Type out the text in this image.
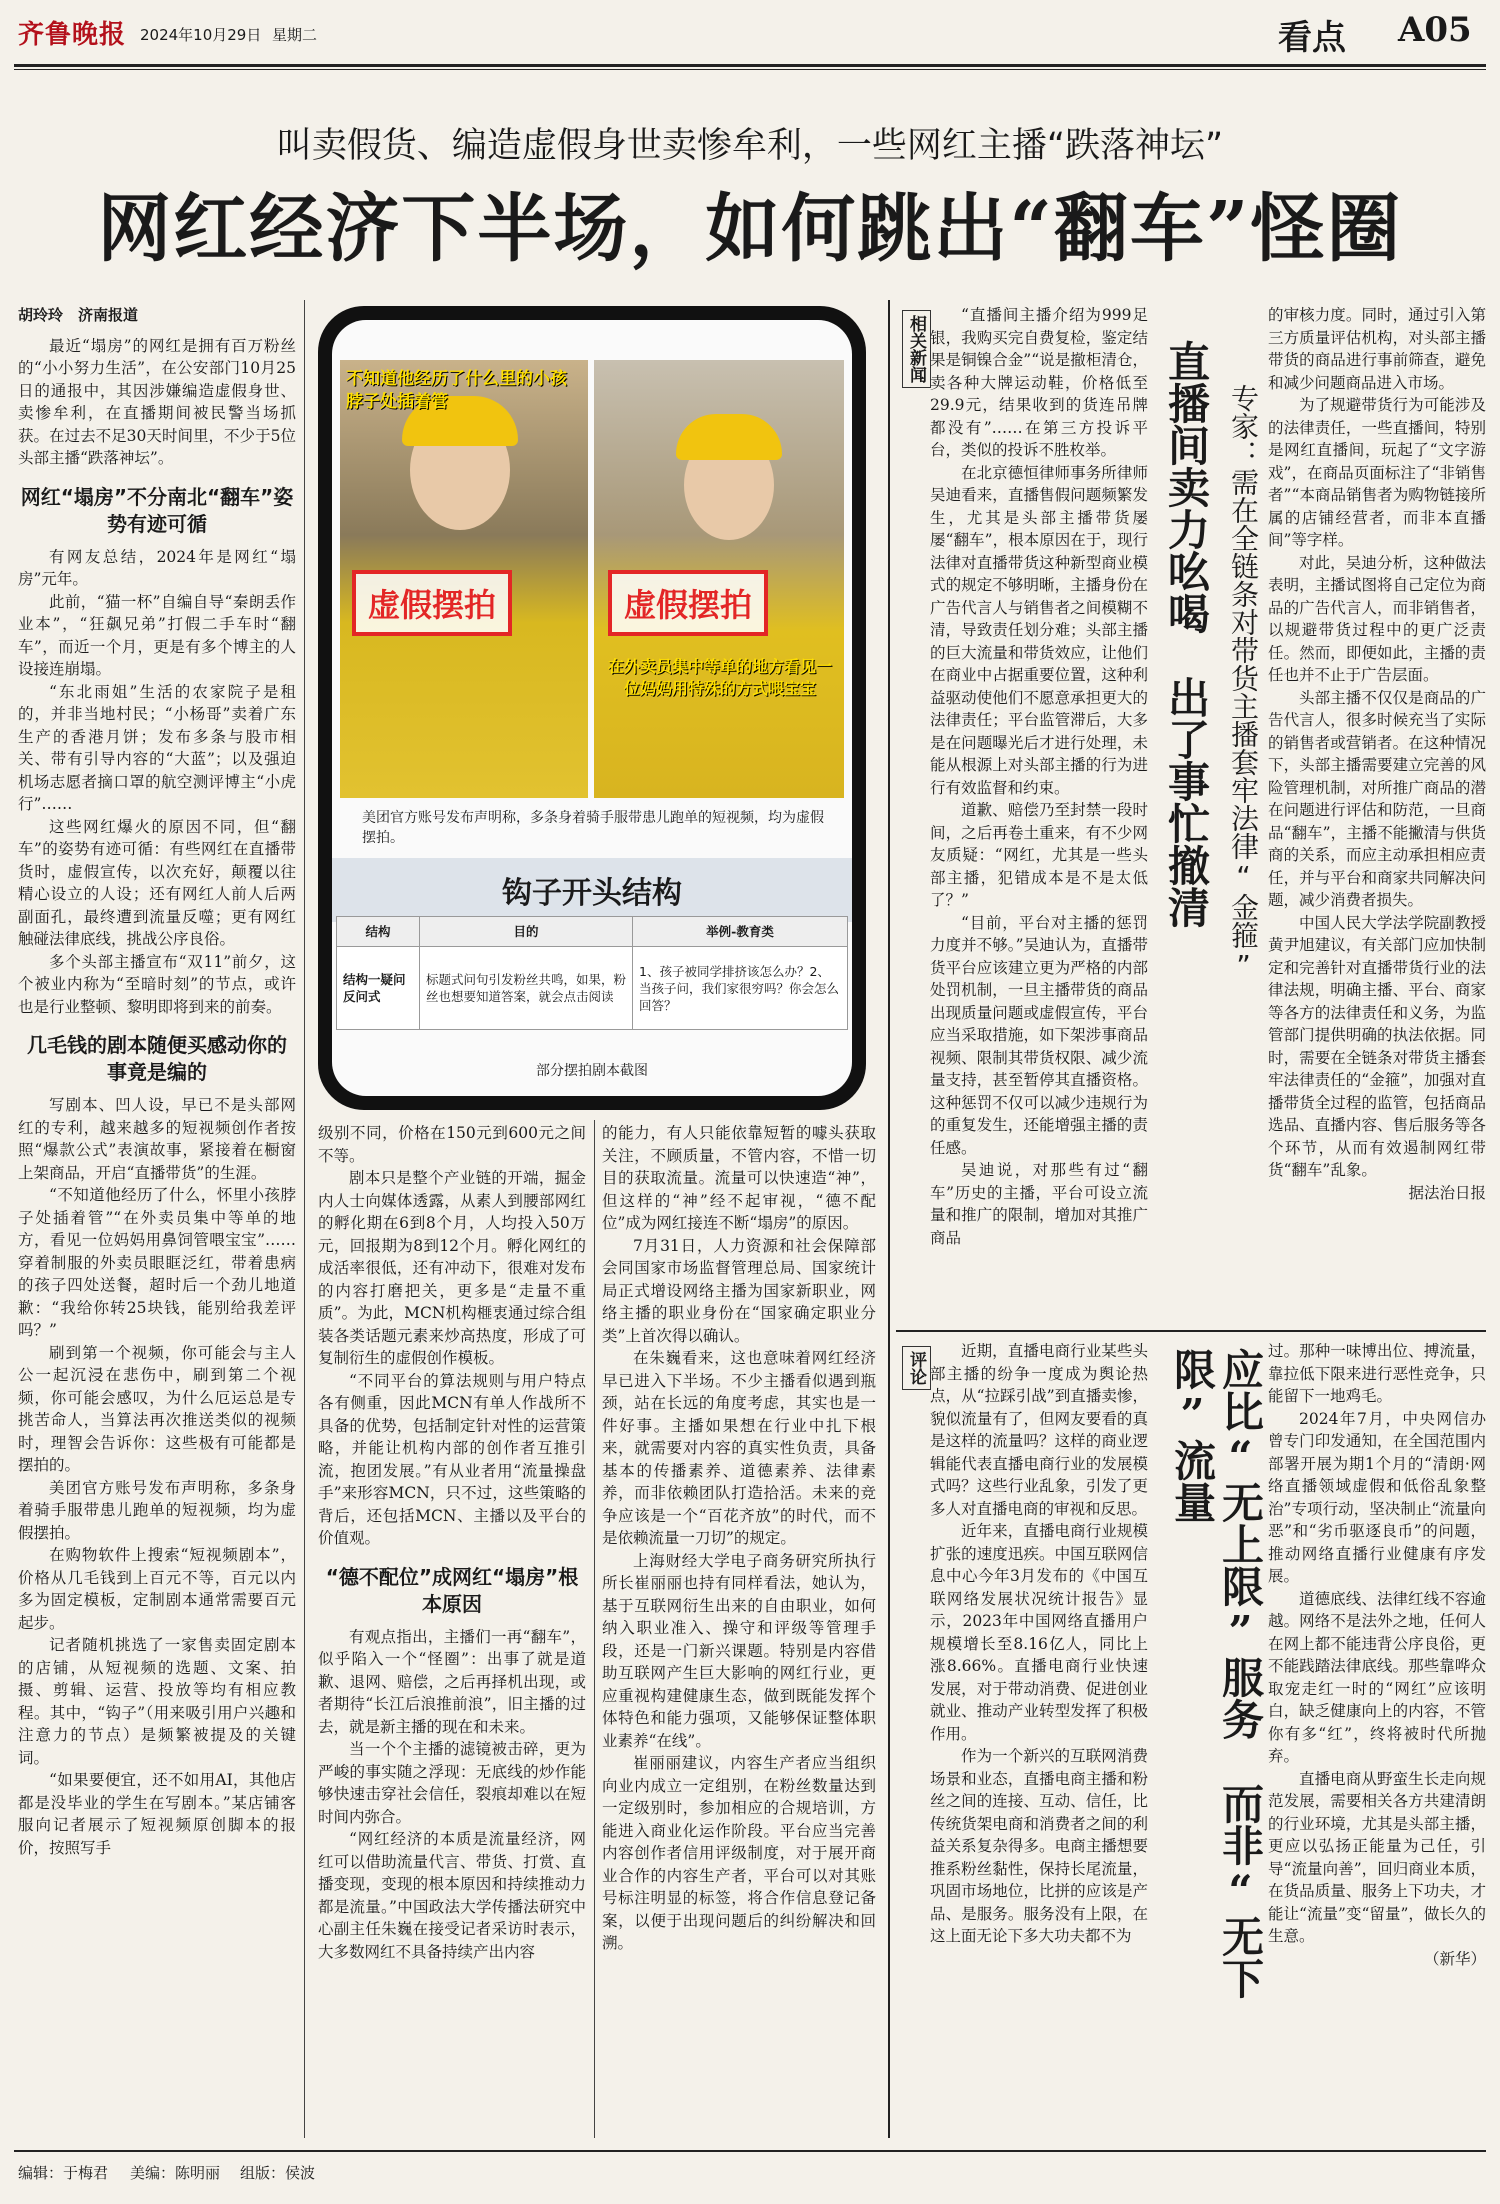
齐鲁晚报 2024年10月29日 星期二	看点 A05
叫卖假货、编造虚假身世卖惨牟利，一些网红主播“跌落神坛”
网红经济下半场，如何跳出“翻车”怪圈

胡玲玲　济南报道

最近“塌房”的网红是拥有百万粉丝的“小小努力生活”，在公安部门10月25日的通报中，其因涉嫌编造虚假身世、卖惨牟利，在直播期间被民警当场抓获。在过去不足30天时间里，不少于5位头部主播“跌落神坛”。

网红“塌房”不分南北“翻车”姿势有迹可循

有网友总结，2024年是网红“塌房”元年。

此前，“猫一杯”自编自导“秦朗丢作业本”，“狂飙兄弟”打假二手车时“翻车”，而近一个月，更是有多个博主的人设接连崩塌。

“东北雨姐”生活的农家院子是租的，并非当地村民；“小杨哥”卖着广东生产的香港月饼；发布多条与股市相关、带有引导内容的“大蓝”；以及强迫机场志愿者摘口罩的航空测评博主“小虎行”……

这些网红爆火的原因不同，但“翻车”的姿势有迹可循：有些网红在直播带货时，虚假宣传，以次充好，颠覆以往精心设立的人设；还有网红人前人后两副面孔，最终遭到流量反噬；更有网红触碰法律底线，挑战公序良俗。

多个头部主播宣布“双11”前夕，这个被业内称为“至暗时刻”的节点，或许也是行业整顿、黎明即将到来的前奏。

几毛钱的剧本随便买感动你的事竟是编的

写剧本、凹人设，早已不是头部网红的专利，越来越多的短视频创作者按照“爆款公式”表演故事，紧接着在橱窗上架商品，开启“直播带货”的生涯。

“不知道他经历了什么，怀里小孩脖子处插着管”“在外卖员集中等单的地方，看见一位妈妈用鼻饲管喂宝宝”……穿着制服的外卖员眼眶泛红，带着患病的孩子四处送餐，超时后一个劲儿地道歉：“我给你转25块钱，能别给我差评吗？”

刷到第一个视频，你可能会与主人公一起沉浸在悲伤中，刷到第二个视频，你可能会感叹，为什么厄运总是专挑苦命人，当算法再次推送类似的视频时，理智会告诉你：这些极有可能都是摆拍的。

美团官方账号发布声明称，多条身着骑手服带患儿跑单的短视频，均为虚假摆拍。

在购物软件上搜索“短视频剧本”，价格从几毛钱到上百元不等，百元以内多为固定模板，定制剧本通常需要百元起步。

记者随机挑选了一家售卖固定剧本的店铺，从短视频的选题、文案、拍摄、剪辑、运营、投放等均有相应教程。其中，“钩子”（用来吸引用户兴趣和注意力的节点）是频繁被提及的关键词。

“如果要便宜，还不如用AI，其他店都是没毕业的学生在写剧本。”某店铺客服向记者展示了短视频原创脚本的报价，按照写手

不知道他经历了什么里的小孩脖子处插着管
虚假摆拍	虚假摆拍
在外卖员集中等单的地方看见一位妈妈用特殊的方式喂宝宝
美团官方账号发布声明称，多条身着骑手服带患儿跑单的短视频，均为虚假摆拍。
钩子开头结构
结构	目的	举例-教育类
结构一疑问反问式	标题式问句引发粉丝共鸣，如果，粉丝也想要知道答案，就会点击阅读	1、孩子被同学排挤该怎么办？2、当孩子问，我们家很穷吗？你会怎么回答？
部分摆拍剧本截图

级别不同，价格在150元到600元之间不等。

剧本只是整个产业链的开端，掘金内人士向媒体透露，从素人到腰部网红的孵化期在6到8个月，人均投入50万元，回报期为8到12个月。孵化网红的成活率很低，还有冲动下，很难对发布的内容打磨把关，更多是“走量不重质”。为此，MCN机构榧衷通过综合组装各类话题元素来炒高热度，形成了可复制衍生的虚假创作模板。

“不同平台的算法规则与用户特点各有侧重，因此MCN有单人作战所不具备的优势，包括制定针对性的运营策略，并能让机构内部的创作者互推引流，抱团发展。”有从业者用“流量操盘手”来形容MCN，只不过，这些策略的背后，还包括MCN、主播以及平台的价值观。

“德不配位”成网红“塌房”根本原因

有观点指出，主播们一再“翻车”，似乎陷入一个“怪圈”：出事了就是道歉、退网、赔偿，之后再择机出现，或者期待“长江后浪推前浪”，旧主播的过去，就是新主播的现在和未来。

当一个个主播的滤镜被击碎，更为严峻的事实随之浮现：无底线的炒作能够快速击穿社会信任，裂痕却难以在短时间内弥合。

“网红经济的本质是流量经济，网红可以借助流量代言、带货、打赏、直播变现，变现的根本原因和持续推动力都是流量。”中国政法大学传播法研究中心副主任朱巍在接受记者采访时表示，大多数网红不具备持续产出内容

的能力，有人只能依靠短暂的噱头获取关注，不顾质量，不管内容，不惜一切目的获取流量。流量可以快速造“神”，但这样的“神”经不起审视，“德不配位”成为网红接连不断“塌房”的原因。

7月31日，人力资源和社会保障部会同国家市场监督管理总局、国家统计局正式增设网络主播为国家新职业，网络主播的职业身份在“国家确定职业分类”上首次得以确认。

在朱巍看来，这也意味着网红经济早已进入下半场。不少主播看似遇到瓶颈，站在长远的角度考虑，其实也是一件好事。主播如果想在行业中扎下根来，就需要对内容的真实性负责，具备基本的传播素养、道德素养、法律素养，而非依赖团队打造拾活。未来的竞争应该是一个“百花齐放”的时代，而不是依赖流量一刀切”的规定。

上海财经大学电子商务研究所执行所长崔丽丽也持有同样看法，她认为，基于互联网衍生出来的自由职业，如何纳入职业准入、操守和评级等管理手段，还是一门新兴课题。特别是内容借助互联网产生巨大影响的网红行业，更应重视构建健康生态，做到既能发挥个体特色和能力强项，又能够保证整体职业素养“在线”。

崔丽丽建议，内容生产者应当组织向业内成立一定组别，在粉丝数量达到一定级别时，参加相应的合规培训，方能进入商业化运作阶段。平台应当完善内容创作者信用评级制度，对于展开商业合作的内容生产者，平台可以对其账号标注明显的标签，将合作信息登记备案，以便于出现问题后的纠纷解决和回溯。

相关新闻	“直播间主播介绍为999足银，我购买完自费复检，鉴定结果是铜镍合金”“说是撤柜清仓，卖各种大牌运动鞋，价格低至29.9元，结果收到的货连吊牌都没有”……在第三方投诉平台，类似的投诉不胜枚举。

在北京德恒律师事务所律师吴迪看来，直播售假问题频繁发生，尤其是头部主播带货屡屡“翻车”，根本原因在于，现行法律对直播带货这种新型商业模式的规定不够明晰，主播身份在广告代言人与销售者之间模糊不清，导致责任划分难；头部主播的巨大流量和带货效应，让他们在商业中占据重要位置，这种利益驱动使他们不愿意承担更大的法律责任；平台监管滞后，大多是在问题曝光后才进行处理，未能从根源上对头部主播的行为进行有效监督和约束。

道歉、赔偿乃至封禁一段时间，之后再卷土重来，有不少网友质疑：“网红，尤其是一些头部主播，犯错成本是不是太低了？”

“目前，平台对主播的惩罚力度并不够。”吴迪认为，直播带货平台应该建立更为严格的内部处罚机制，一旦主播带货的商品出现质量问题或虚假宣传，平台应当采取措施，如下架涉事商品视频、限制其带货权限、减少流量支持，甚至暂停其直播资格。这种惩罚不仅可以减少违规行为的重复发生，还能增强主播的责任感。

吴迪说，对那些有过“翻车”历史的主播，平台可设立流量和推广的限制，增加对其推广商品

直播间卖力吆喝　出了事忙撤清 专家：需在全链条对带货主播套牢法律“金箍”

的审核力度。同时，通过引入第三方质量评估机构，对头部主播带货的商品进行事前筛查，避免和减少问题商品进入市场。

为了规避带货行为可能涉及的法律责任，一些直播间，特别是网红直播间，玩起了“文字游戏”，在商品页面标注了“非销售者”“本商品销售者为购物链接所属的店铺经营者，而非本直播间”等字样。

对此，吴迪分析，这种做法表明，主播试图将自己定位为商品的广告代言人，而非销售者，以规避带货过程中的更广泛责任。然而，即便如此，主播的责任也并不止于广告层面。

头部主播不仅仅是商品的广告代言人，很多时候充当了实际的销售者或营销者。在这种情况下，头部主播需要建立完善的风险管理机制，对所推广商品的潜在问题进行评估和防范，一旦商品“翻车”，主播不能撇清与供货商的关系，而应主动承担相应责任，并与平台和商家共同解决问题，减少消费者损失。

中国人民大学法学院副教授黄尹旭建议，有关部门应加快制定和完善针对直播带货行业的法律法规，明确主播、平台、商家等各方的法律责任和义务，为监管部门提供明确的执法依据。同时，需要在全链条对带货主播套牢法律责任的“金箍”，加强对直播带货全过程的监管，包括商品选品、直播内容、售后服务等各个环节，从而有效遏制网红带货“翻车”乱象。

据法治日报

评论	近期，直播电商行业某些头部主播的纷争一度成为舆论热点，从“拉踩引战”到直播卖惨，貌似流量有了，但网友要看的真是这样的流量吗？这样的商业逻辑能代表直播电商行业的发展模式吗？这些行业乱象，引发了更多人对直播电商的审视和反思。

近年来，直播电商行业规模扩张的速度迅疾。中国互联网信息中心今年3月发布的《中国互联网络发展状况统计报告》显示，2023年中国网络直播用户规模增长至8.16亿人，同比上涨8.66%。直播电商行业快速发展，对于带动消费、促进创业就业、推动产业转型发挥了积极作用。

作为一个新兴的互联网消费场景和业态，直播电商主播和粉丝之间的连接、互动、信任，比传统货架电商和消费者之间的利益关系复杂得多。电商主播想要推系粉丝黏性，保持长尾流量，巩固市场地位，比拼的应该是产品、是服务。服务没有上限，在这上面无论下多大功夫都不为	应比“无上限”服务　而非“无下限”流量	过。那种一味博出位、搏流量，靠拉低下限来进行恶性竞争，只能留下一地鸡毛。

2024年7月，中央网信办曾专门印发通知，在全国范围内部署开展为期1个月的“清朗·网络直播领域虚假和低俗乱象整治”专项行动，坚决制止“流量向恶”和“劣币驱逐良币”的问题，推动网络直播行业健康有序发展。

道德底线、法律红线不容逾越。网络不是法外之地，任何人在网上都不能违背公序良俗，更不能践踏法律底线。那些靠哗众取宠走红一时的“网红”应该明白，缺乏健康向上的内容，不管你有多“红”，终将被时代所抛弃。

直播电商从野蛮生长走向规范发展，需要相关各方共建清朗的行业环境，尤其是头部主播，更应以弘扬正能量为己任，引导“流量向善”，回归商业本质，在货品质量、服务上下功夫，才能让“流量”变“留量”，做长久的生意。

（新华）

编辑：于梅君 美编：陈明丽 组版：侯波
